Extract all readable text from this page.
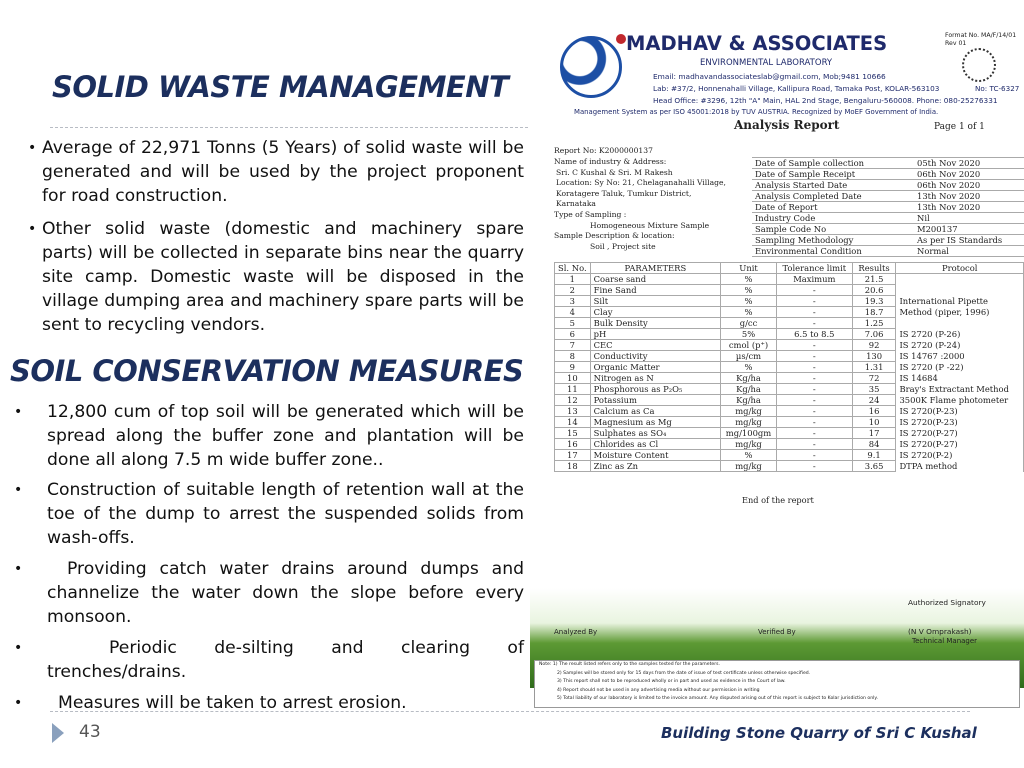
SOLID WASTE MANAGEMENT
• Average of 22,971 Tonns (5 Years) of solid waste will be generated and will be used by the project proponent for road construction.
• Other solid waste (domestic and machinery spare parts) will be collected in separate bins near the quarry site camp. Domestic waste will be disposed in the village dumping area and machinery spare parts will be sent to recycling vendors.
SOIL CONSERVATION MEASURES
• 12,800 cum of top soil will be generated which will be spread along the buffer zone and plantation will be done all along 7.5 m wide buffer zone..
• Construction of suitable length of retention wall at the toe of the dump to arrest the suspended solids from wash-offs.
•	Providing catch water drains around dumps and channelize the water down the slope before every monsoon.
•	Periodic de-silting and clearing of trenches/drains.
• Measures will be taken to arrest erosion.
43	Building Stone Quarry of Sri C Kushal
MADHAV & ASSOCIATES
ENVIRONMENTAL LABORATORY
Format No. MA/F/14/01
Rev 01
Email: madhavandassociateslab@gmail.com, Mob;9481 10666
Lab: #37/2, Honnenahalli Village, Kallipura Road, Tamaka Post, KOLAR-563103	No: TC-6327
Head Office: #3296, 12th "A" Main, HAL 2nd Stage, Bengaluru-560008. Phone: 080-25276331
Management System as per ISO 45001:2018 by TUV AUSTRIA. Recognized by MoEF Government of India.
Analysis Report	Page 1 of 1
Report No: K2000000137
Name of industry & Address:
Sri. C Kushal & Sri. M Rakesh
Location: Sy No: 21, Chelaganahalli Village,
Koratagere Taluk, Tumkur District,
Karnataka
Type of Sampling :
Homogeneous Mixture Sample
Sample Description & location:
Soil , Project site
Date of Sample collection	05th Nov 2020
Date of Sample Receipt	06th Nov 2020
Analysis Started Date	06th Nov 2020
Analysis Completed Date	13th Nov 2020
Date of Report	13th Nov 2020
Industry Code	Nil
Sample Code No	M200137
Sampling Methodology	As per IS Standards
Environmental Condition	Normal
Sl. No.	PARAMETERS	Unit	Tolerance limit	Results	Protocol
1	Coarse sand	%	Maximum	21.5	
2	Fine Sand	%	-	20.6	
3	Silt	%	-	19.3	International Pipette
4	Clay	%	-	18.7	Method (piper, 1996)
5	Bulk Density	g/cc	-	1.25	
6	pH	5%	6.5 to 8.5	7.06	IS 2720 (P-26)
7	CEC	cmol (p⁺)	-	92	IS 2720 (P-24)
8	Conductivity	µs/cm	-	130	IS 14767 :2000
9	Organic Matter	%	-	1.31	IS 2720 (P -22)
10	Nitrogen as N	Kg/ha	-	72	IS 14684
11	Phosphorous as P₂O₅	Kg/ha	-	35	Bray's Extractant Method
12	Potassium	Kg/ha	-	24	3500K Flame photometer
13	Calcium as Ca	mg/kg	-	16	IS 2720(P-23)
14	Magnesium as Mg	mg/kg	-	10	IS 2720(P-23)
15	Sulphates as SO₄	mg/100gm	-	17	IS 2720(P-27)
16	Chlorides as Cl	mg/kg	-	84	IS 2720(P-27)
17	Moisture Content	%	-	9.1	IS 2720(P-2)
18	Zinc as Zn	mg/kg	-	3.65	DTPA method
End of the report
Authorized Signatory
Analyzed By	Verified By	(N V Omprakash)
Technical Manager
Note: 1) The result listed refers only to the samples tested for the parameters.
2) Samples will be stored only for 15 days from the date of issue of test certificate unless otherwise specified.
3) This report shall not to be reproduced wholly or in part and used as evidence in the Court of law.
4) Report should not be used in any advertising media without our permission in writing
5) Total liability of our laboratory is limited to the invoice amount. Any disputed arising out of this report is subject to Kolar jurisdiction only.
